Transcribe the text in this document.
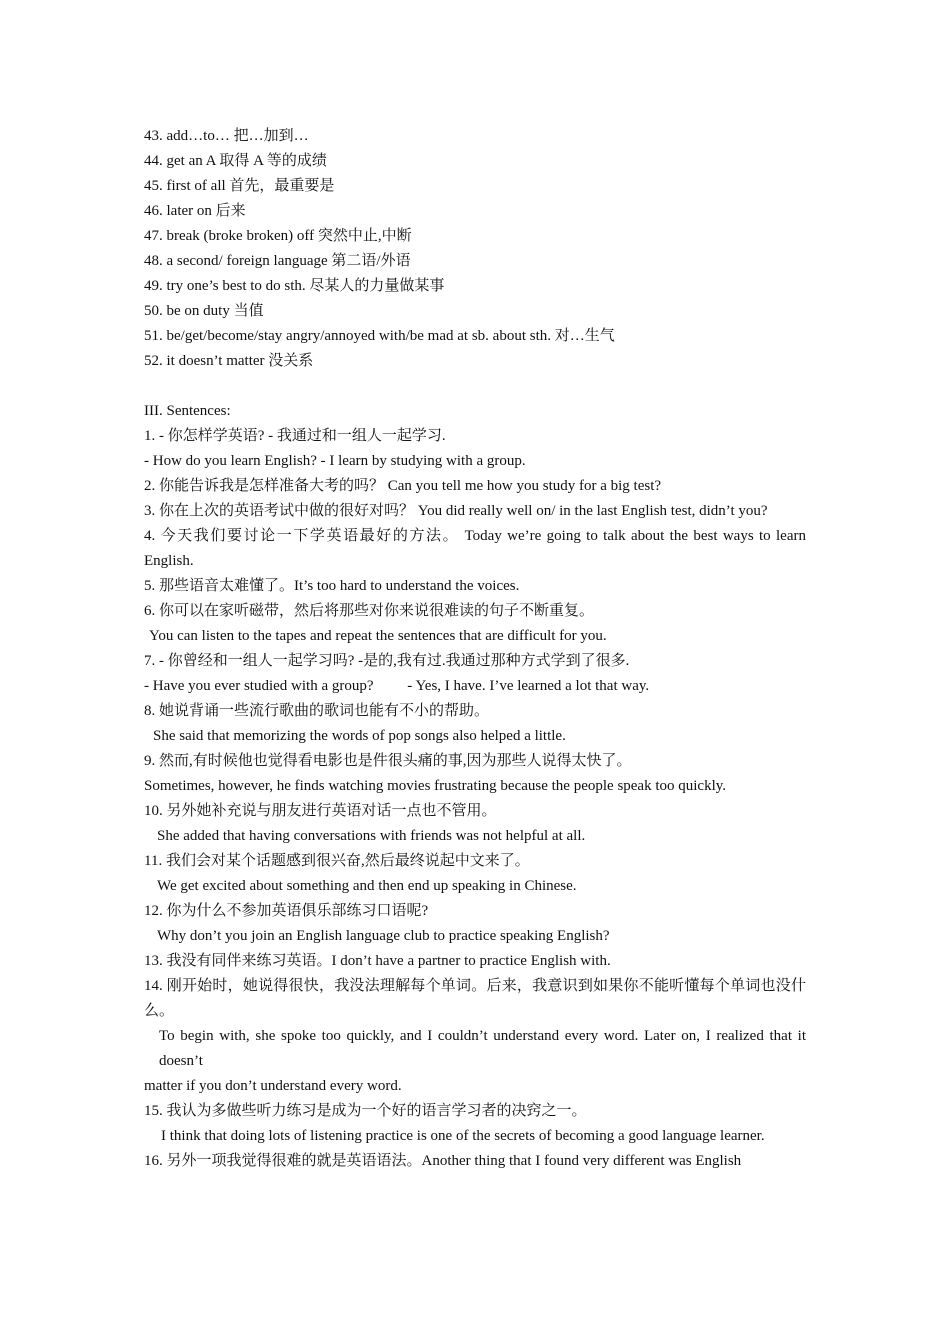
43. add…to… 把…加到…
44. get an A 取得 A 等的成绩
45. first of all 首先，最重要是
46. later on 后来
47. break (broke broken) off 突然中止,中断
48. a second/ foreign language 第二语/外语
49. try one’s best to do sth. 尽某人的力量做某事
50. be on duty 当值
51. be/get/become/stay angry/annoyed with/be mad at sb. about sth. 对…生气
52. it doesn’t matter 没关系
III. Sentences:
1. - 你怎样学英语? - 我通过和一组人一起学习.
- How do you learn English? - I learn by studying with a group.
2. 你能告诉我是怎样准备大考的吗？ Can you tell me how you study for a big test?
3. 你在上次的英语考试中做的很好对吗？ You did really well on/ in the last English test, didn’t you?
4. 今天我们要讨论一下学英语最好的方法。 Today we’re going to talk about the best ways to learn English.
5. 那些语音太难懂了。It’s too hard to understand the voices.
6. 你可以在家听磁带，然后将那些对你来说很难读的句子不断重复。
You can listen to the tapes and repeat the sentences that are difficult for you.
7. - 你曾经和一组人一起学习吗? -是的,我有过.我通过那种方式学到了很多.
- Have you ever studied with a group?         - Yes, I have. I’ve learned a lot that way.
8. 她说背诵一些流行歌曲的歌词也能有不小的帮助。
She said that memorizing the words of pop songs also helped a little.
9. 然而,有时候他也觉得看电影也是件很头痛的事,因为那些人说得太快了。
Sometimes, however, he finds watching movies frustrating because the people speak too quickly.
10. 另外她补充说与朋友进行英语对话一点也不管用。
She added that having conversations with friends was not helpful at all.
11. 我们会对某个话题感到很兴奋,然后最终说起中文来了。
We get excited about something and then end up speaking in Chinese.
12. 你为什么不参加英语俱乐部练习口语呢?
Why don’t you join an English language club to practice speaking English?
13. 我没有同伴来练习英语。I don’t have a partner to practice English with.
14. 刚开始时，她说得很快，我没法理解每个单词。后来，我意识到如果你不能听懂每个单词也没什么。
To begin with, she spoke too quickly, and I couldn’t understand every word. Later on, I realized that it doesn’t
matter if you don’t understand every word.
15. 我认为多做些听力练习是成为一个好的语言学习者的决窍之一。
I think that doing lots of listening practice is one of the secrets of becoming a good language learner.
16. 另外一项我觉得很难的就是英语语法。Another thing that I found very different was English
